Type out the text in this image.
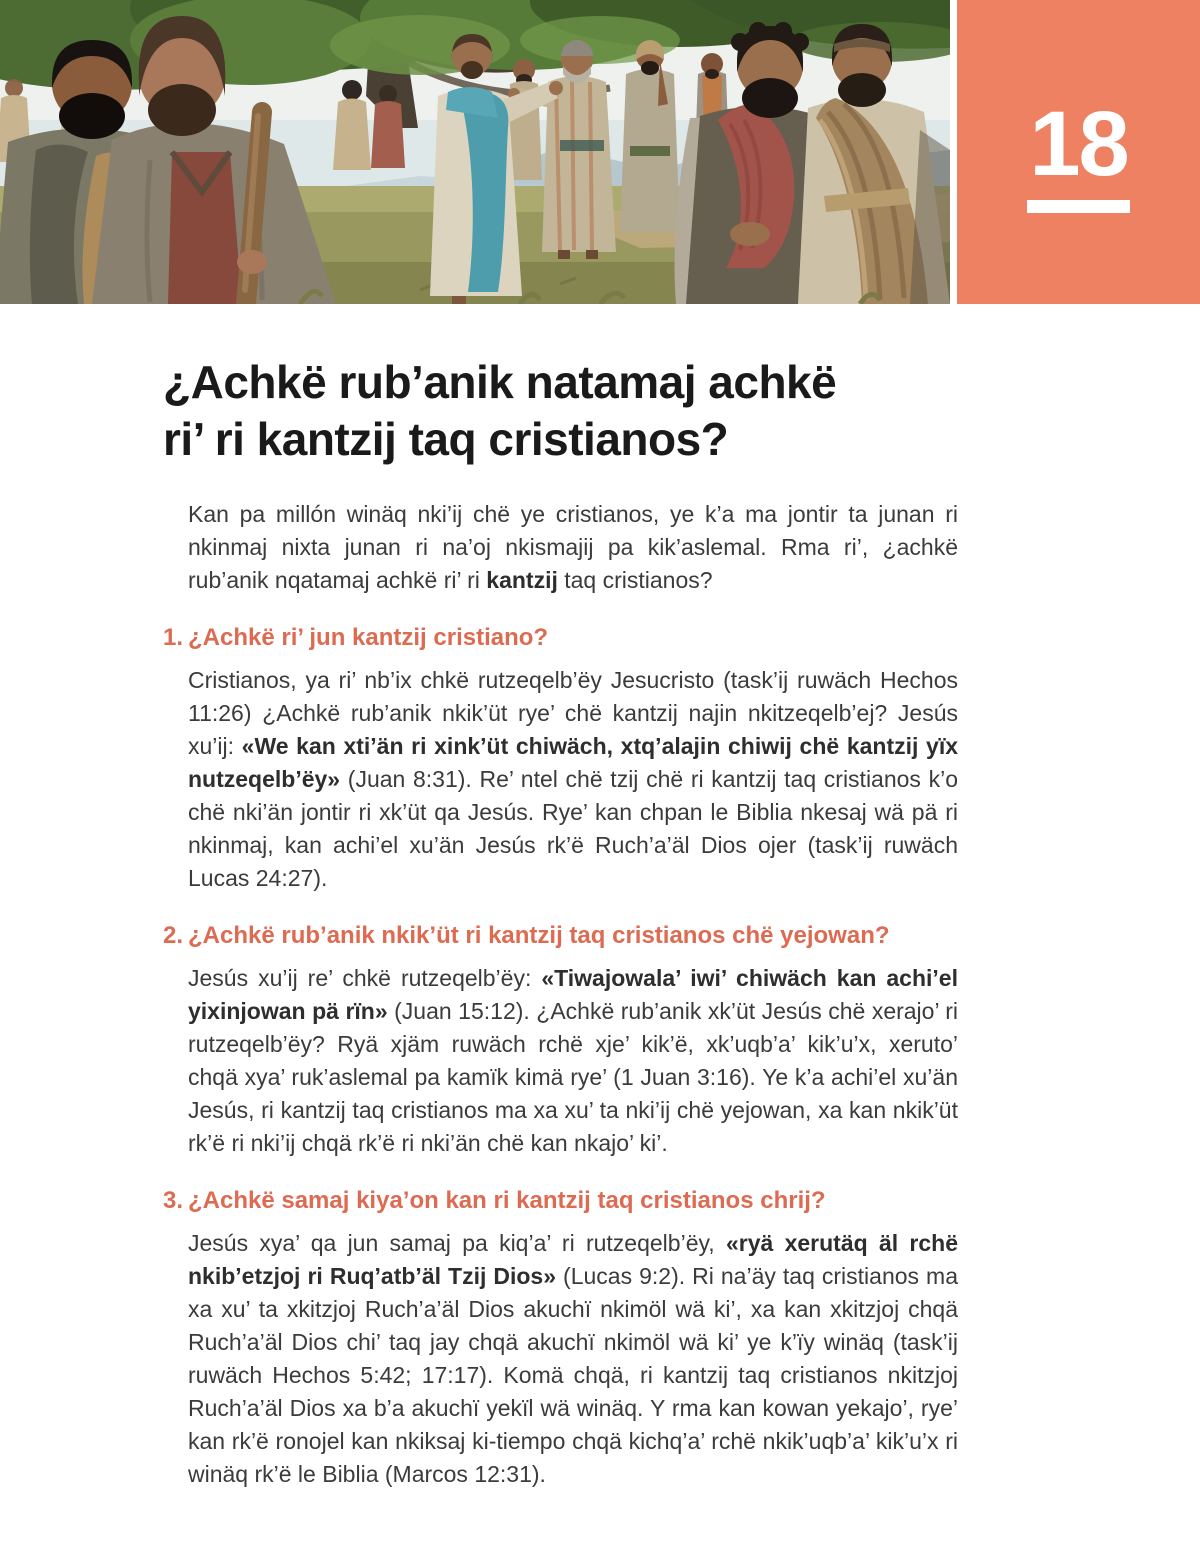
18
¿Achkë rub’anik natamaj achkë
ri’ ri kantzij taq cristianos?

Kan pa millón winäq nki’ij chë ye cristianos, ye k’a ma jontir ta junan ri nkinmaj nixta junan ri na’oj nkismajij pa kik’aslemal. Rma ri’, ¿achkë rub’anik nqatamaj achkë ri’ ri kantzij taq cristianos?

1. ¿Achkë ri’ jun kantzij cristiano?

Cristianos, ya ri’ nb’ix chkë rutzeqelb’ëy Jesucristo (task’ij ruwäch Hechos 11:26) ¿Achkë rub’anik nkik’üt rye’ chë kantzij najin nkitzeqelb’ej? Jesús xu’ij: «We kan xti’än ri xink’üt chiwäch, xtq’alajin chiwij chë kantzij yïx nutzeqelb’ëy» (Juan 8:31). Re’ ntel chë tzij chë ri kantzij taq cristianos k’o chë nki’än jontir ri xk’üt qa Jesús. Rye’ kan chpan le Biblia nkesaj wä pä ri nkinmaj, kan achi’el xu’än Jesús rk’ë Ruch’a’äl Dios ojer (task’ij ruwäch Lucas 24:27).

2. ¿Achkë rub’anik nkik’üt ri kantzij taq cristianos chë yejowan?

Jesús xu’ij re’ chkë rutzeqelb’ëy: «Tiwajowala’ iwi’ chiwäch kan achi’el yixinjowan pä rïn» (Juan 15:12). ¿Achkë rub’anik xk’üt Jesús chë xerajo’ ri rutzeqelb’ëy? Ryä xjäm ruwäch rchë xje’ kik’ë, xk’uqb’a’ kik’u’x, xeruto’ chqä xya’ ruk’aslemal pa kamïk kimä rye’ (1 Juan 3:16). Ye k’a achi’el xu’än Jesús, ri kantzij taq cristianos ma xa xu’ ta nki’ij chë yejowan, xa kan nkik’üt rk’ë ri nki’ij chqä rk’ë ri nki’än chë kan nkajo’ ki’.

3. ¿Achkë samaj kiya’on kan ri kantzij taq cristianos chrij?

Jesús xya’ qa jun samaj pa kiq’a’ ri rutzeqelb’ëy, «ryä xerutäq äl rchë nkib’etzjoj ri Ruq’atb’äl Tzij Dios» (Lucas 9:2). Ri na’äy taq cristianos ma xa xu’ ta xkitzjoj Ruch’a’äl Dios akuchï nkimöl wä ki’, xa kan xkitzjoj chqä Ruch’a’äl Dios chi’ taq jay chqä akuchï nkimöl wä ki’ ye k’ïy winäq (task’ij ruwäch Hechos 5:42; 17:17). Komä chqä, ri kantzij taq cristianos nkitzjoj Ruch’a’äl Dios xa b’a akuchï yekïl wä winäq. Y rma kan kowan yekajo’, rye’ kan rk’ë ronojel kan nkiksaj ki-tiempo chqä kichq’a’ rchë nkik’uqb’a’ kik’u’x ri winäq rk’ë le Biblia (Marcos 12:31).
